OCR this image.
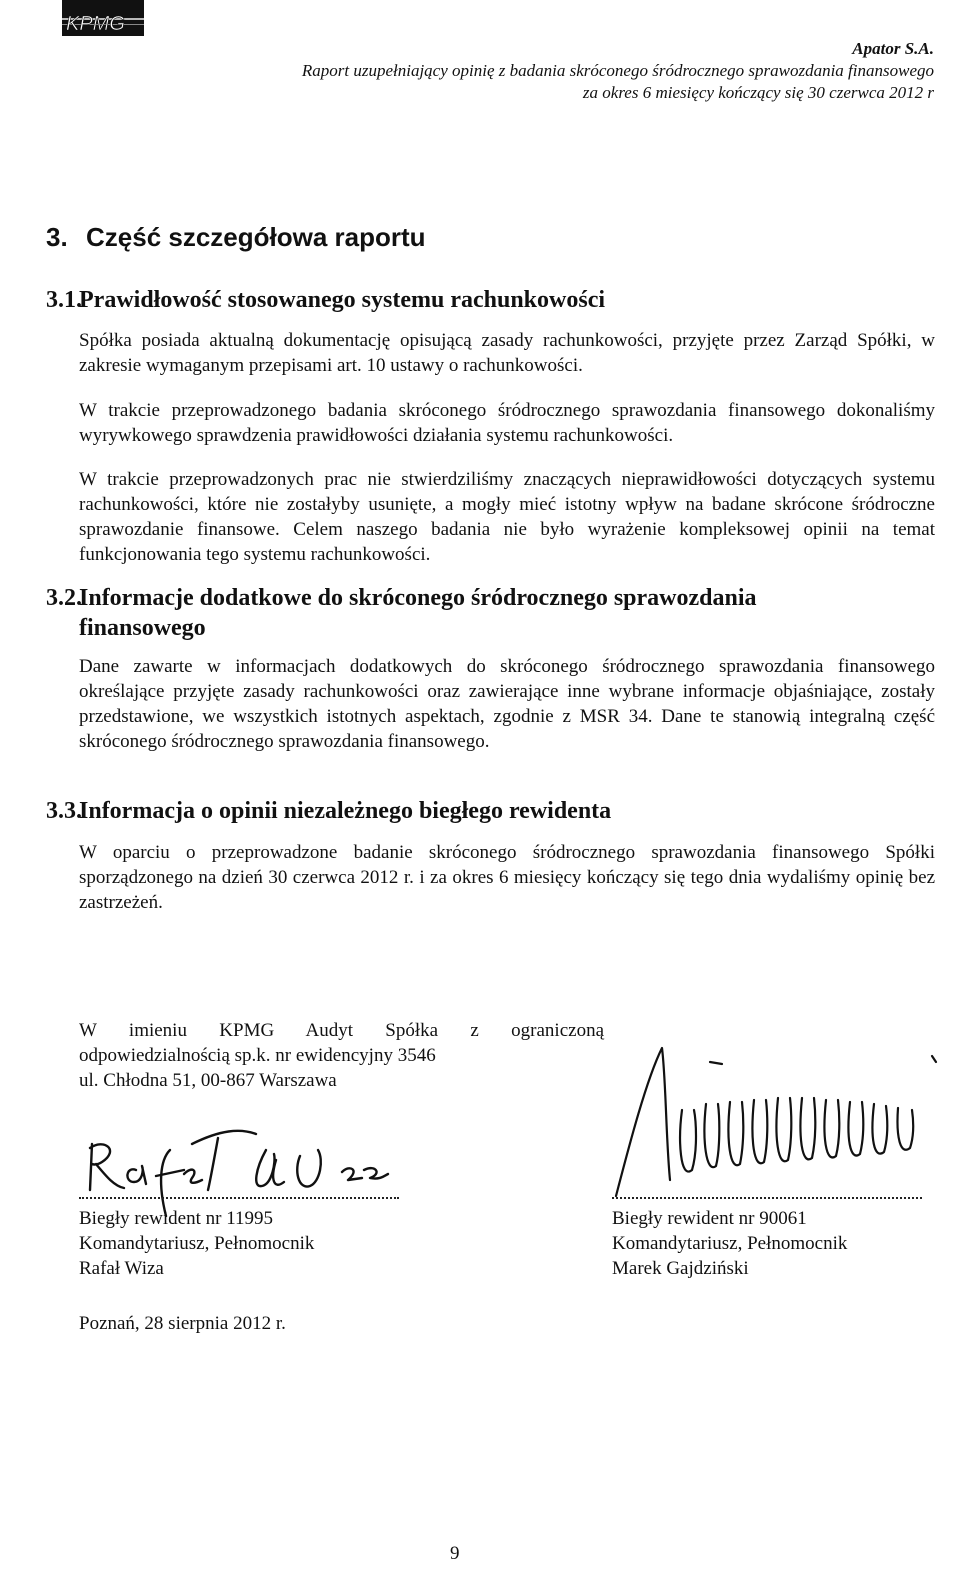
KPMG
Apator S.A.
Raport uzupełniający opinię z badania skróconego śródrocznego sprawozdania finansowego
za okres 6 miesięcy kończący się 30 czerwca 2012 r
3. Część szczegółowa raportu
3.1.
Prawidłowość stosowanego systemu rachunkowości

Spółka posiada aktualną dokumentację opisującą zasady rachunkowości, przyjęte przez Zarząd Spółki, w zakresie wymaganym przepisami art. 10 ustawy o rachunkowości.

W trakcie przeprowadzonego badania skróconego śródrocznego sprawozdania finansowego dokonaliśmy wyrywkowego sprawdzenia prawidłowości działania systemu rachunkowości.

W trakcie przeprowadzonych prac nie stwierdziliśmy znaczących nieprawidłowości dotyczących systemu rachunkowości, które nie zostałyby usunięte, a mogły mieć istotny wpływ na badane skrócone śródroczne sprawozdanie finansowe. Celem naszego badania nie było wyrażenie kompleksowej opinii na temat funkcjonowania tego systemu rachunkowości.

3.2.
Informacje dodatkowe do skróconego śródrocznego sprawozdania finansowego

Dane zawarte w informacjach dodatkowych do skróconego śródrocznego sprawozdania finansowego określające przyjęte zasady rachunkowości oraz zawierające inne wybrane informacje objaśniające, zostały przedstawione, we wszystkich istotnych aspektach, zgodnie z MSR 34. Dane te stanowią integralną część skróconego śródrocznego sprawozdania finansowego.

3.3.
Informacja o opinii niezależnego biegłego rewidenta

W oparciu o przeprowadzone badanie skróconego śródrocznego sprawozdania finansowego Spółki sporządzonego na dzień 30 czerwca 2012 r. i za okres 6 miesięcy kończący się tego dnia wydaliśmy opinię bez zastrzeżeń.

W imieniu KPMG Audyt Spółka z ograniczoną
odpowiedzialnością sp.k. nr ewidencyjny 3546
ul. Chłodna 51, 00-867 Warszawa
Biegły rewident nr 11995
Komandytariusz, Pełnomocnik
Rafał Wiza
Biegły rewident nr 90061
Komandytariusz, Pełnomocnik
Marek Gajdziński
Poznań, 28 sierpnia 2012 r.
9
